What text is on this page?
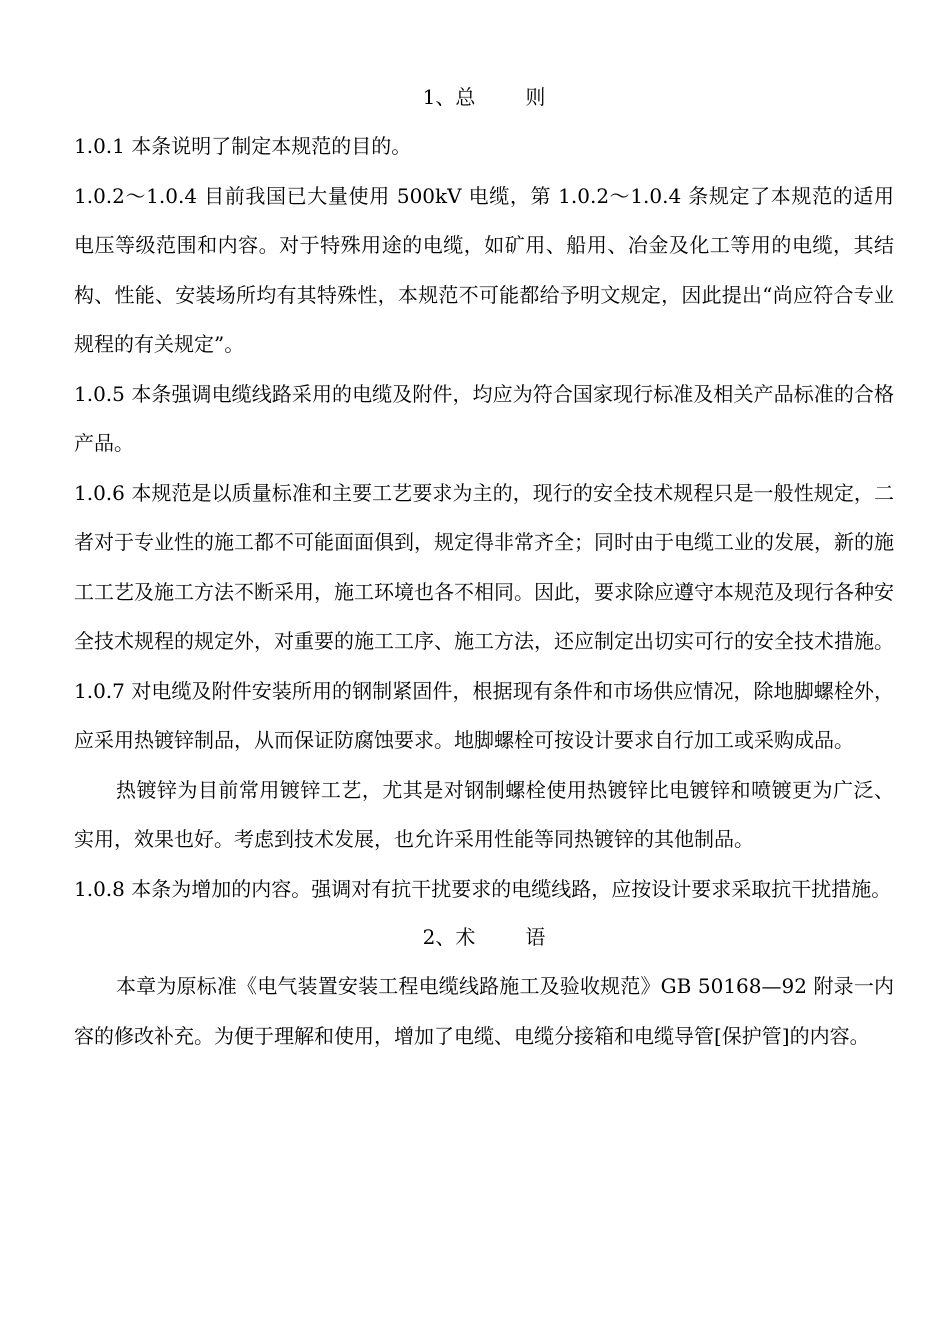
1、总	则

1.0.1 本条说明了制定本规范的目的。

1.0.2～1.0.4 目前我国已大量使用 500kV 电缆，第 1.0.2～1.0.4 条规定了本规范的适用电压等级范围和内容。对于特殊用途的电缆，如矿用、船用、冶金及化工等用的电缆，其结构、性能、安装场所均有其特殊性，本规范不可能都给予明文规定，因此提出“尚应符合专业规程的有关规定”。

1.0.5 本条强调电缆线路采用的电缆及附件，均应为符合国家现行标准及相关产品标准的合格产品。

1.0.6 本规范是以质量标准和主要工艺要求为主的，现行的安全技术规程只是一般性规定，二者对于专业性的施工都不可能面面俱到，规定得非常齐全；同时由于电缆工业的发展，新的施工工艺及施工方法不断采用，施工环境也各不相同。因此，要求除应遵守本规范及现行各种安全技术规程的规定外，对重要的施工工序、施工方法，还应制定出切实可行的安全技术措施。

1.0.7 对电缆及附件安装所用的钢制紧固件，根据现有条件和市场供应情况，除地脚螺栓外，应采用热镀锌制品，从而保证防腐蚀要求。地脚螺栓可按设计要求自行加工或采购成品。

热镀锌为目前常用镀锌工艺，尤其是对钢制螺栓使用热镀锌比电镀锌和喷镀更为广泛、实用，效果也好。考虑到技术发展，也允许采用性能等同热镀锌的其他制品。

1.0.8 本条为增加的内容。强调对有抗干扰要求的电缆线路，应按设计要求采取抗干扰措施。

2、术	语

本章为原标准《电气装置安装工程电缆线路施工及验收规范》GB 50168—92 附录一内容的修改补充。为便于理解和使用，增加了电缆、电缆分接箱和电缆导管[保护管]的内容。
